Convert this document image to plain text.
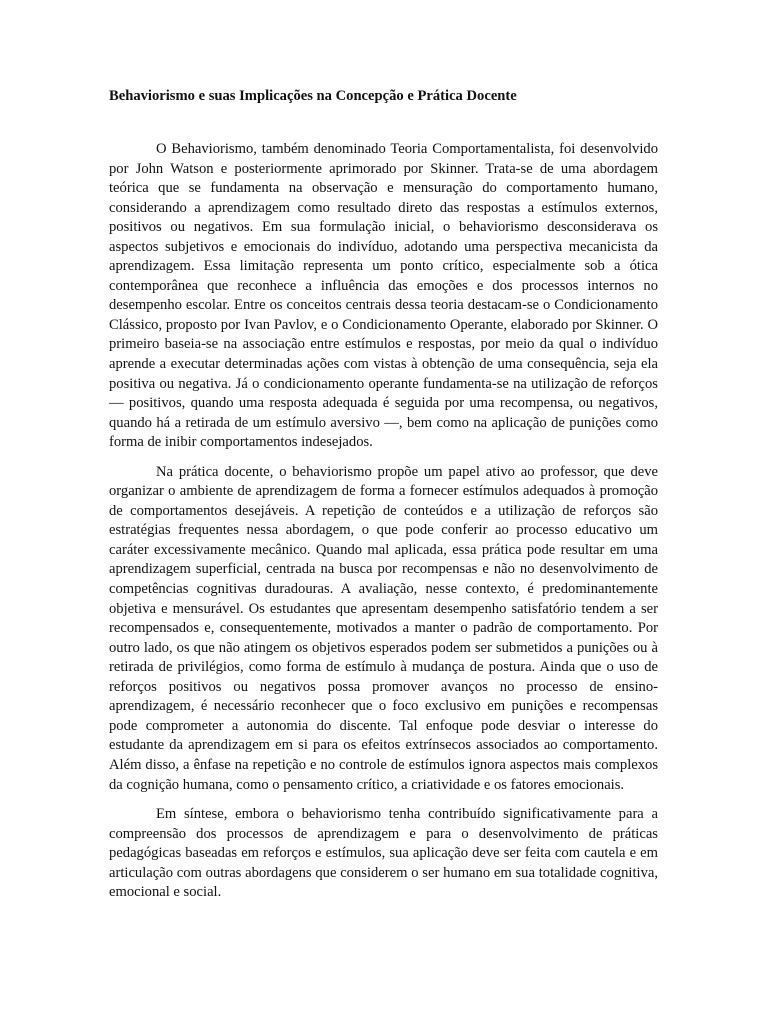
Behaviorismo e suas Implicações na Concepção e Prática Docente

O Behaviorismo, também denominado Teoria Comportamentalista, foi desenvolvido por John Watson e posteriormente aprimorado por Skinner. Trata-se de uma abordagem teórica que se fundamenta na observação e mensuração do comportamento humano, considerando a aprendizagem como resultado direto das respostas a estímulos externos, positivos ou negativos. Em sua formulação inicial, o behaviorismo desconsiderava os aspectos subjetivos e emocionais do indivíduo, adotando uma perspectiva mecanicista da aprendizagem. Essa limitação representa um ponto crítico, especialmente sob a ótica contemporânea que reconhece a influência das emoções e dos processos internos no desempenho escolar. Entre os conceitos centrais dessa teoria destacam-se o Condicionamento Clássico, proposto por Ivan Pavlov, e o Condicionamento Operante, elaborado por Skinner. O primeiro baseia-se na associação entre estímulos e respostas, por meio da qual o indivíduo aprende a executar determinadas ações com vistas à obtenção de uma consequência, seja ela positiva ou negativa. Já o condicionamento operante fundamenta-se na utilização de reforços — positivos, quando uma resposta adequada é seguida por uma recompensa, ou negativos, quando há a retirada de um estímulo aversivo —, bem como na aplicação de punições como forma de inibir comportamentos indesejados.

Na prática docente, o behaviorismo propõe um papel ativo ao professor, que deve organizar o ambiente de aprendizagem de forma a fornecer estímulos adequados à promoção de comportamentos desejáveis. A repetição de conteúdos e a utilização de reforços são estratégias frequentes nessa abordagem, o que pode conferir ao processo educativo um caráter excessivamente mecânico. Quando mal aplicada, essa prática pode resultar em uma aprendizagem superficial, centrada na busca por recompensas e não no desenvolvimento de competências cognitivas duradouras. A avaliação, nesse contexto, é predominantemente objetiva e mensurável. Os estudantes que apresentam desempenho satisfatório tendem a ser recompensados e, consequentemente, motivados a manter o padrão de comportamento. Por outro lado, os que não atingem os objetivos esperados podem ser submetidos a punições ou à retirada de privilégios, como forma de estímulo à mudança de postura. Ainda que o uso de reforços positivos ou negativos possa promover avanços no processo de ensino-aprendizagem, é necessário reconhecer que o foco exclusivo em punições e recompensas pode comprometer a autonomia do discente. Tal enfoque pode desviar o interesse do estudante da aprendizagem em si para os efeitos extrínsecos associados ao comportamento. Além disso, a ênfase na repetição e no controle de estímulos ignora aspectos mais complexos da cognição humana, como o pensamento crítico, a criatividade e os fatores emocionais.

Em síntese, embora o behaviorismo tenha contribuído significativamente para a compreensão dos processos de aprendizagem e para o desenvolvimento de práticas pedagógicas baseadas em reforços e estímulos, sua aplicação deve ser feita com cautela e em articulação com outras abordagens que considerem o ser humano em sua totalidade cognitiva, emocional e social.
